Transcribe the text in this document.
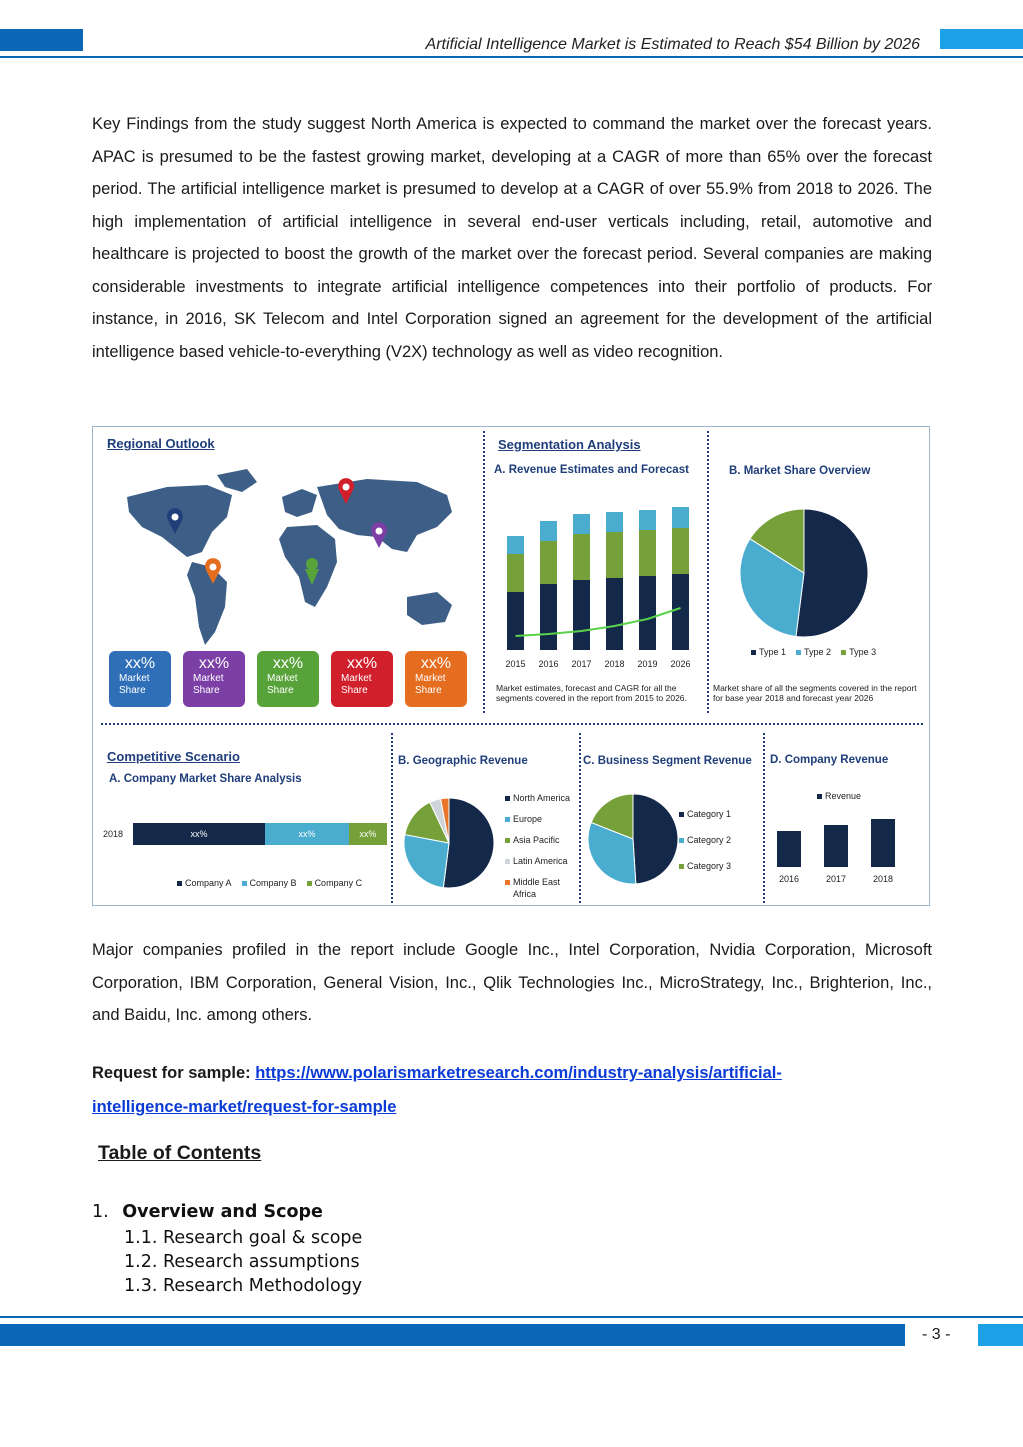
Artificial Intelligence Market is Estimated to Reach $54 Billion by 2026
Key Findings from the study suggest North America is expected to command the market over the forecast years. APAC is presumed to be the fastest growing market, developing at a CAGR of more than 65% over the forecast period. The artificial intelligence market is presumed to develop at a CAGR of over 55.9% from 2018 to 2026. The high implementation of artificial intelligence in several end-user verticals including, retail, automotive and healthcare is projected to boost the growth of the market over the forecast period. Several companies are making considerable investments to integrate artificial intelligence competences into their portfolio of products. For instance, in 2016, SK Telecom and Intel Corporation signed an agreement for the development of the artificial intelligence based vehicle-to-everything (V2X) technology as well as video recognition.
Regional Outlook
xx%
Market
Share
xx%
Market
Share
xx%
Market
Share
xx%
Market
Share
xx%
Market
Share
Segmentation Analysis
A. Revenue Estimates and Forecast
2015 2016 2017 2018 2019 2026
Market estimates, forecast and CAGR for all the segments covered in the report from 2015 to 2026.
B. Market Share Overview
Type 1 Type 2 Type 3
Market share of all the segments covered in the report for base year 2018 and forecast year 2026
Competitive Scenario
A. Company Market Share Analysis
2018	xx%	xx%	xx%
Company A Company B Company C
B. Geographic Revenue
North America
Europe
Asia Pacific
Latin America
Middle East
Africa
C. Business Segment Revenue
Category 1
Category 2
Category 3
D. Company Revenue
Revenue
2016	2017	2018
Major companies profiled in the report include Google Inc., Intel Corporation, Nvidia Corporation, Microsoft Corporation, IBM Corporation, General Vision, Inc., Qlik Technologies Inc., MicroStrategy, Inc., Brighterion, Inc., and Baidu, Inc. among others.
Request for sample: https://www.polarismarketresearch.com/industry-analysis/artificial-
intelligence-market/request-for-sample
Table of Contents
1. Overview and Scope
1.1. Research goal & scope
1.2. Research assumptions
1.3. Research Methodology
- 3 -
